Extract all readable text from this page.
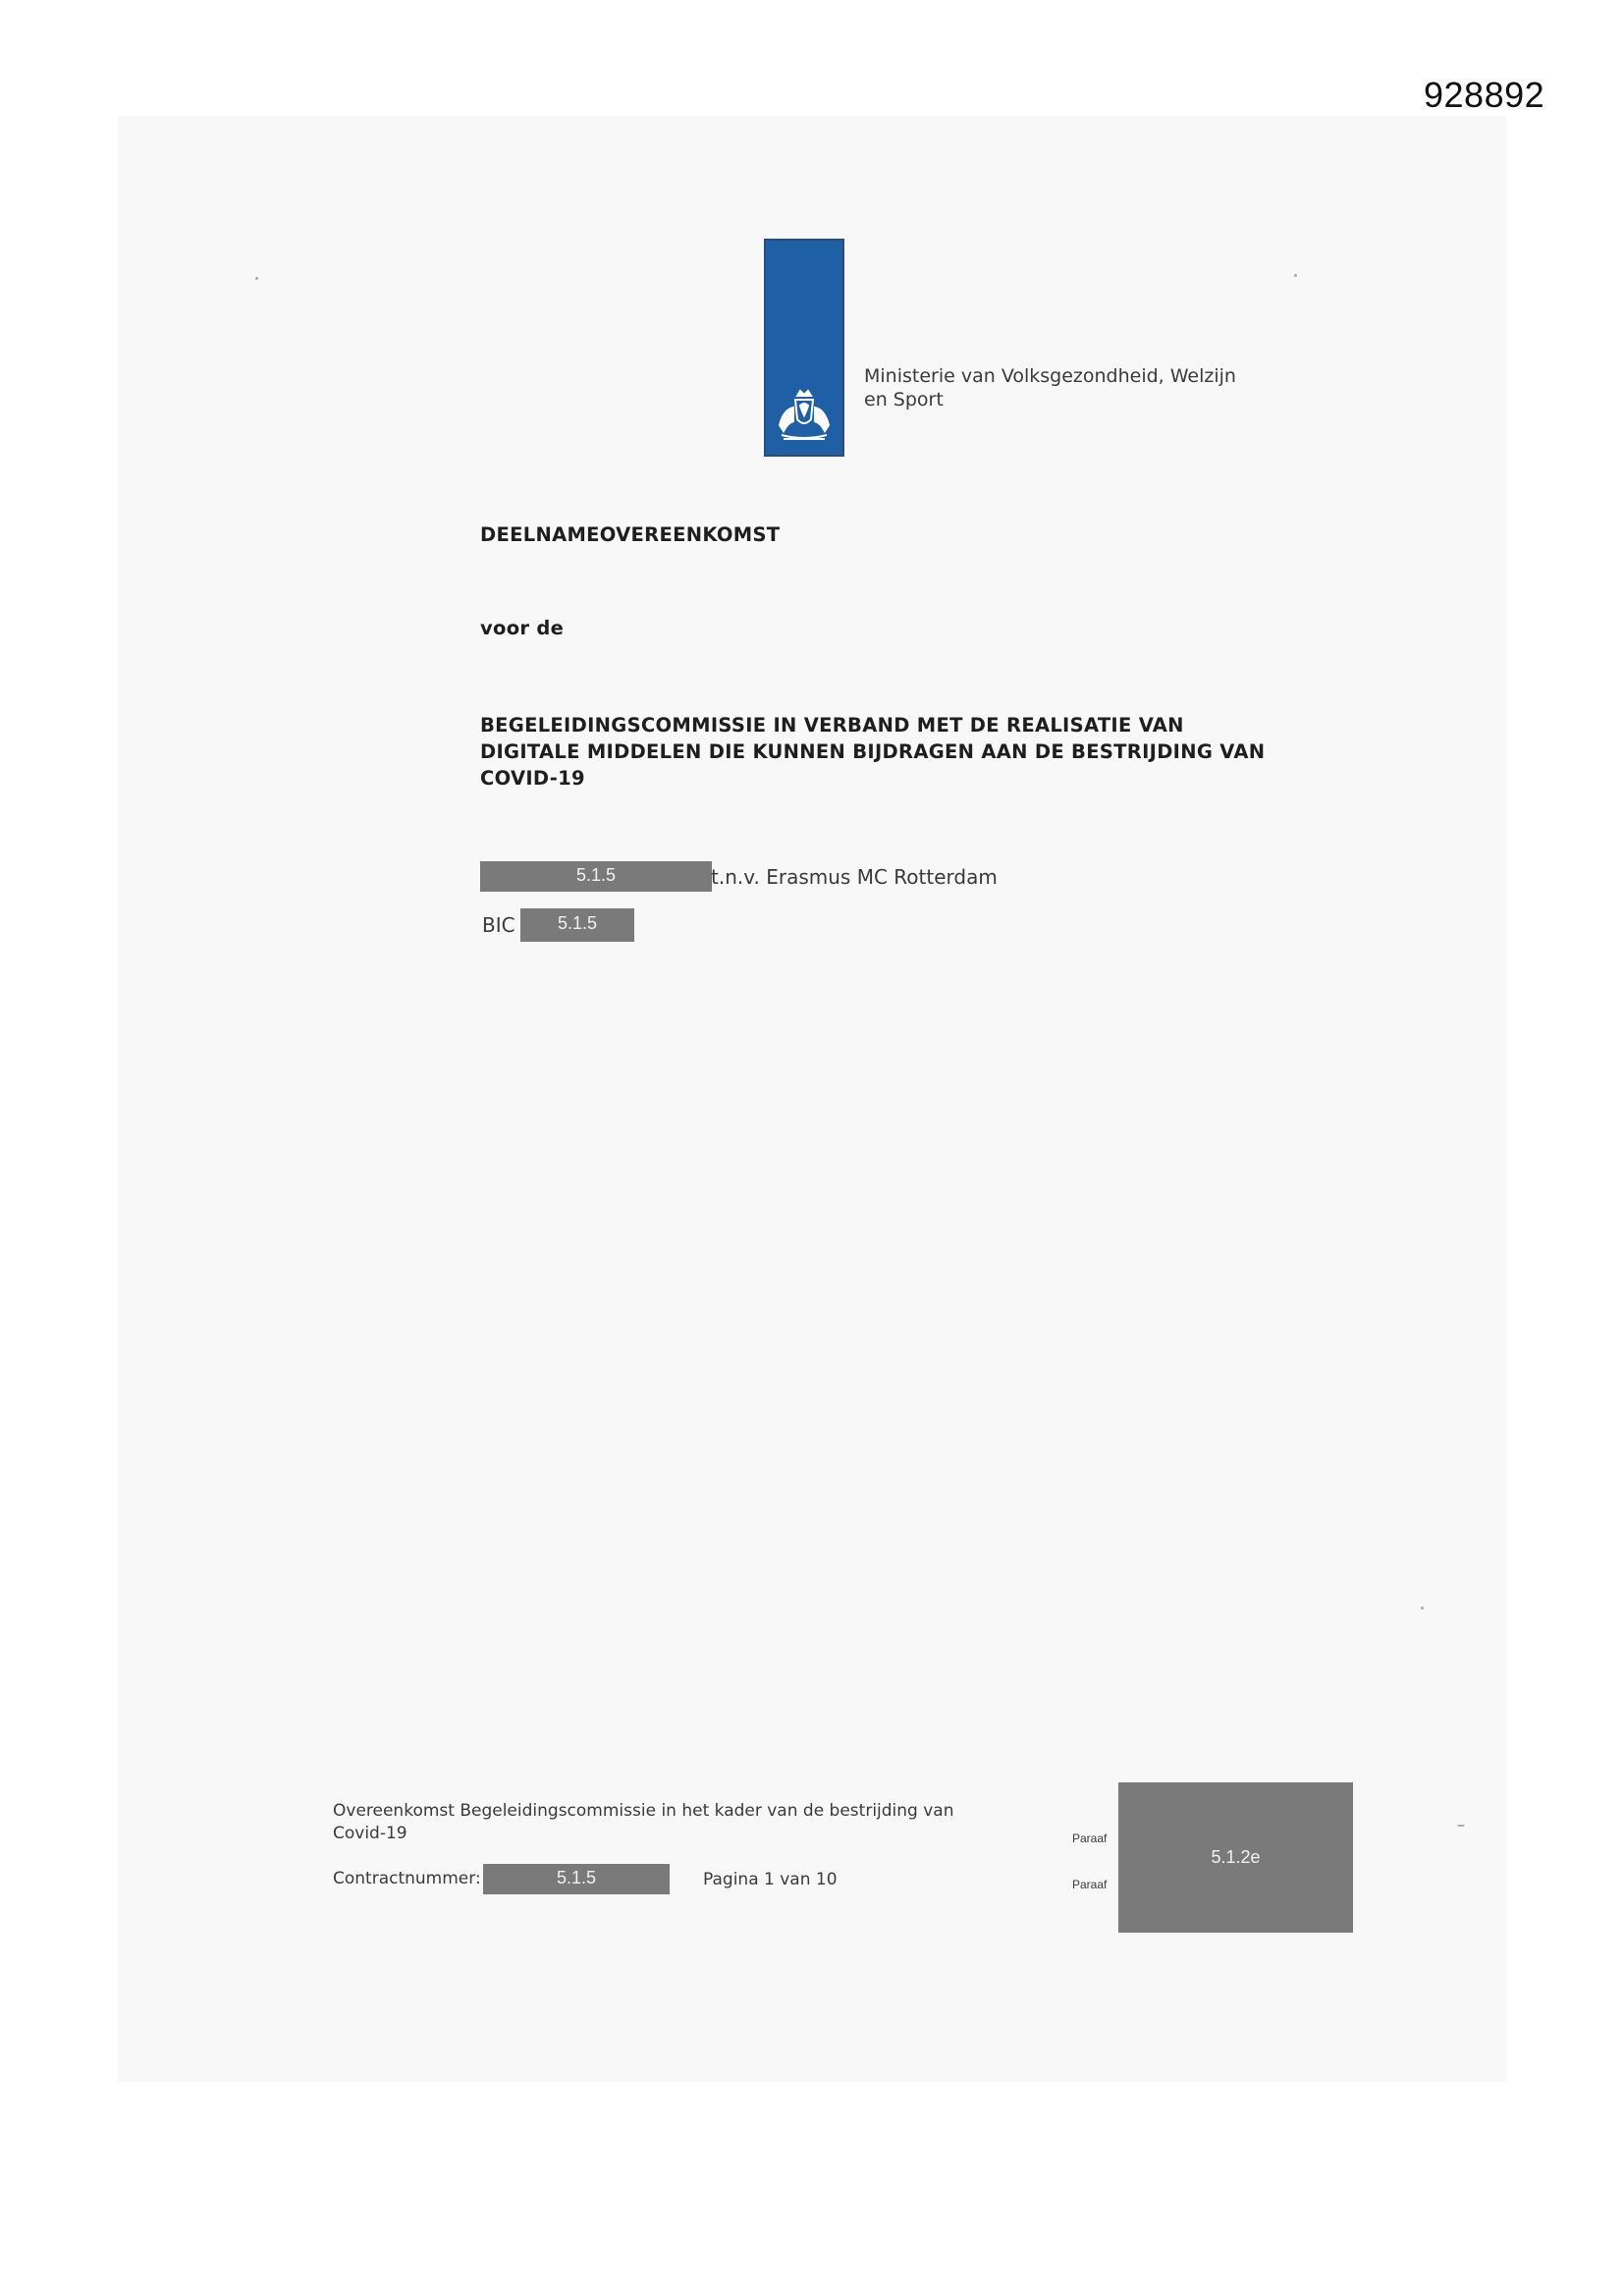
928892
Ministerie van Volksgezondheid, Welzijn
en Sport
DEELNAMEOVEREENKOMST
voor de
BEGELEIDINGSCOMMISSIE IN VERBAND MET DE REALISATIE VAN
DIGITALE MIDDELEN DIE KUNNEN BIJDRAGEN AAN DE BESTRIJDING VAN
COVID-19
5.1.5	t.n.v. Erasmus MC Rotterdam
BIC	5.1.5
Overeenkomst Begeleidingscommissie in het kader van de bestrijding van
Covid-19
Contractnummer:	5.1.5	Pagina 1 van 10
Paraaf
Paraaf
5.1.2e
